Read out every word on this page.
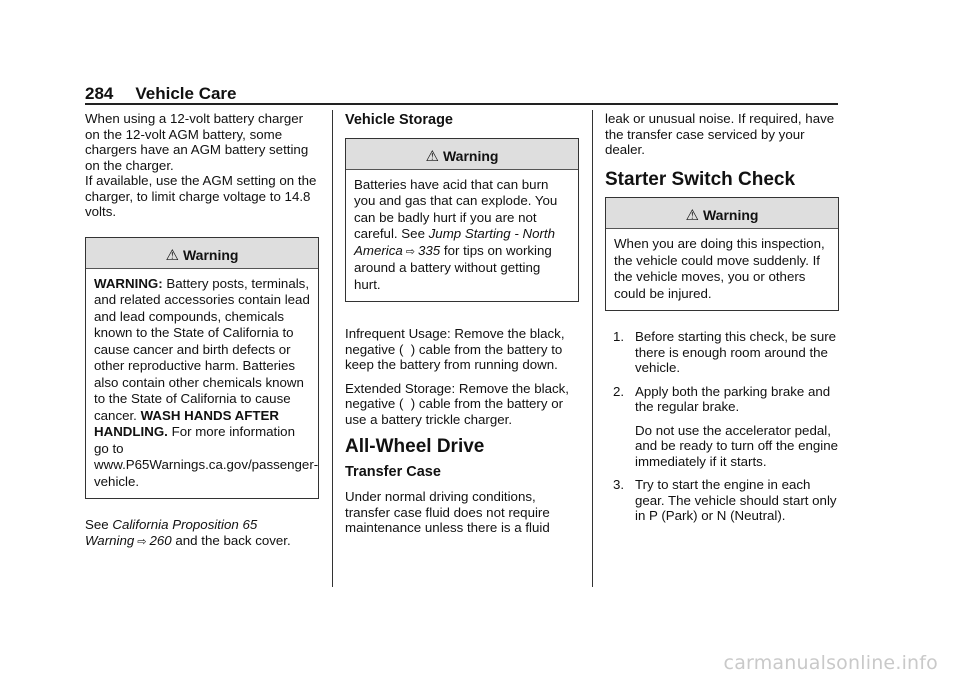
284 Vehicle Care

When using a 12-volt battery charger on the 12-volt AGM battery, some chargers have an AGM battery setting on the charger.

If available, use the AGM setting on the charger, to limit charge voltage to 14.8 volts.

⚠ Warning
WARNING: Battery posts, terminals, and related accessories contain lead and lead compounds, chemicals known to the State of California to cause cancer and birth defects or other reproductive harm. Batteries also contain other chemicals known to the State of California to cause cancer. WASH HANDS AFTER HANDLING. For more information go to www.P65Warnings.ca.gov/passenger-vehicle.

See California Proposition 65 Warning ⇨ 260 and the back cover.

Vehicle Storage
⚠ Warning
Batteries have acid that can burn you and gas that can explode. You can be badly hurt if you are not careful. See Jump Starting - North America ⇨ 335 for tips on working around a battery without getting hurt.

Infrequent Usage: Remove the black, negative (  ) cable from the battery to keep the battery from running down.

Extended Storage: Remove the black, negative (  ) cable from the battery or use a battery trickle charger.

All-Wheel Drive
Transfer Case

Under normal driving conditions, transfer case fluid does not require maintenance unless there is a fluid

leak or unusual noise. If required, have the transfer case serviced by your dealer.

Starter Switch Check
⚠ Warning
When you are doing this inspection, the vehicle could move suddenly. If the vehicle moves, you or others could be injured.
1. Before starting this check, be sure there is enough room around the vehicle.
2. Apply both the parking brake and the regular brake.
Do not use the accelerator pedal, and be ready to turn off the engine immediately if it starts.
3. Try to start the engine in each gear. The vehicle should start only in P (Park) or N (Neutral).
carmanualsonline.info
